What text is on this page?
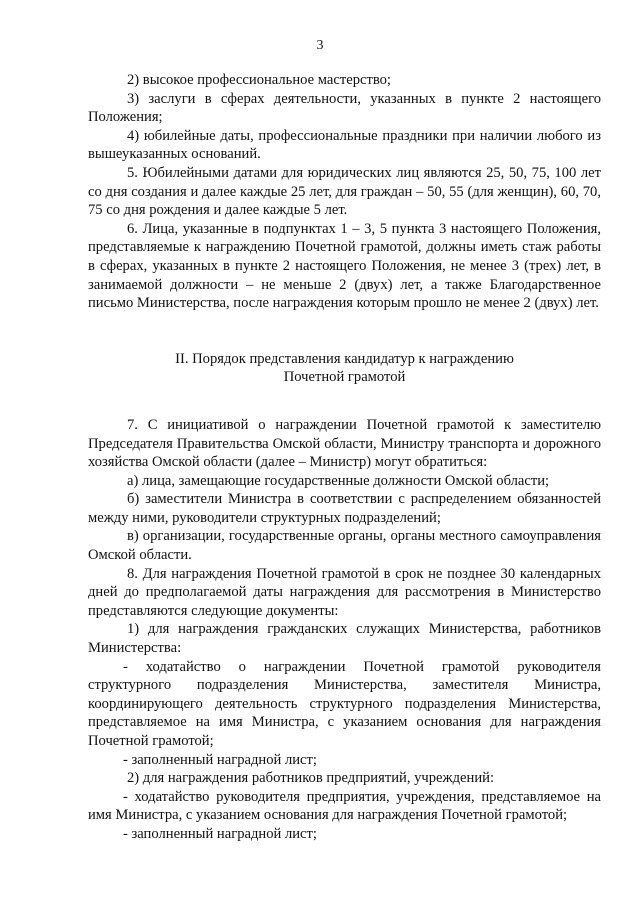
3

2) высокое профессиональное мастерство;

3) заслуги в сферах деятельности, указанных в пункте 2 настоящего Положения;

4) юбилейные даты, профессиональные праздники при наличии любого из вышеуказанных оснований.

5. Юбилейными датами для юридических лиц являются 25, 50, 75, 100 лет со дня создания и далее каждые 25 лет, для граждан – 50, 55 (для женщин), 60, 70, 75 со дня рождения и далее каждые 5 лет.

6. Лица, указанные в подпунктах 1 – 3, 5 пункта 3 настоящего Положения, представляемые к награждению Почетной грамотой, должны иметь стаж работы в сферах, указанных в пункте 2 настоящего Положения, не менее 3 (трех) лет, в занимаемой должности – не меньше 2 (двух) лет, а также Благодарственное письмо Министерства, после награждения которым прошло не менее 2 (двух) лет.

II. Порядок представления кандидатур к награждению
Почетной грамотой

7. С инициативой о награждении Почетной грамотой к заместителю Председателя Правительства Омской области, Министру транспорта и дорожного хозяйства Омской области (далее – Министр) могут обратиться:

а) лица, замещающие государственные должности Омской области;

б) заместители Министра в соответствии с распределением обязанностей между ними, руководители структурных подразделений;

в) организации, государственные органы, органы местного самоуправления Омской области.

8. Для награждения Почетной грамотой в срок не позднее 30 календарных дней до предполагаемой даты награждения для рассмотрения в Министерство представляются следующие документы:

1) для награждения гражданских служащих Министерства, работников Министерства:

- ходатайство о награждении Почетной грамотой руководителя структурного подразделения Министерства, заместителя Министра, координирующего деятельность структурного подразделения Министерства, представляемое на имя Министра, с указанием основания для награждения Почетной грамотой;

- заполненный наградной лист;

2) для награждения работников предприятий, учреждений:

- ходатайство руководителя предприятия, учреждения, представляемое на имя Министра, с указанием основания для награждения Почетной грамотой;

- заполненный наградной лист;
